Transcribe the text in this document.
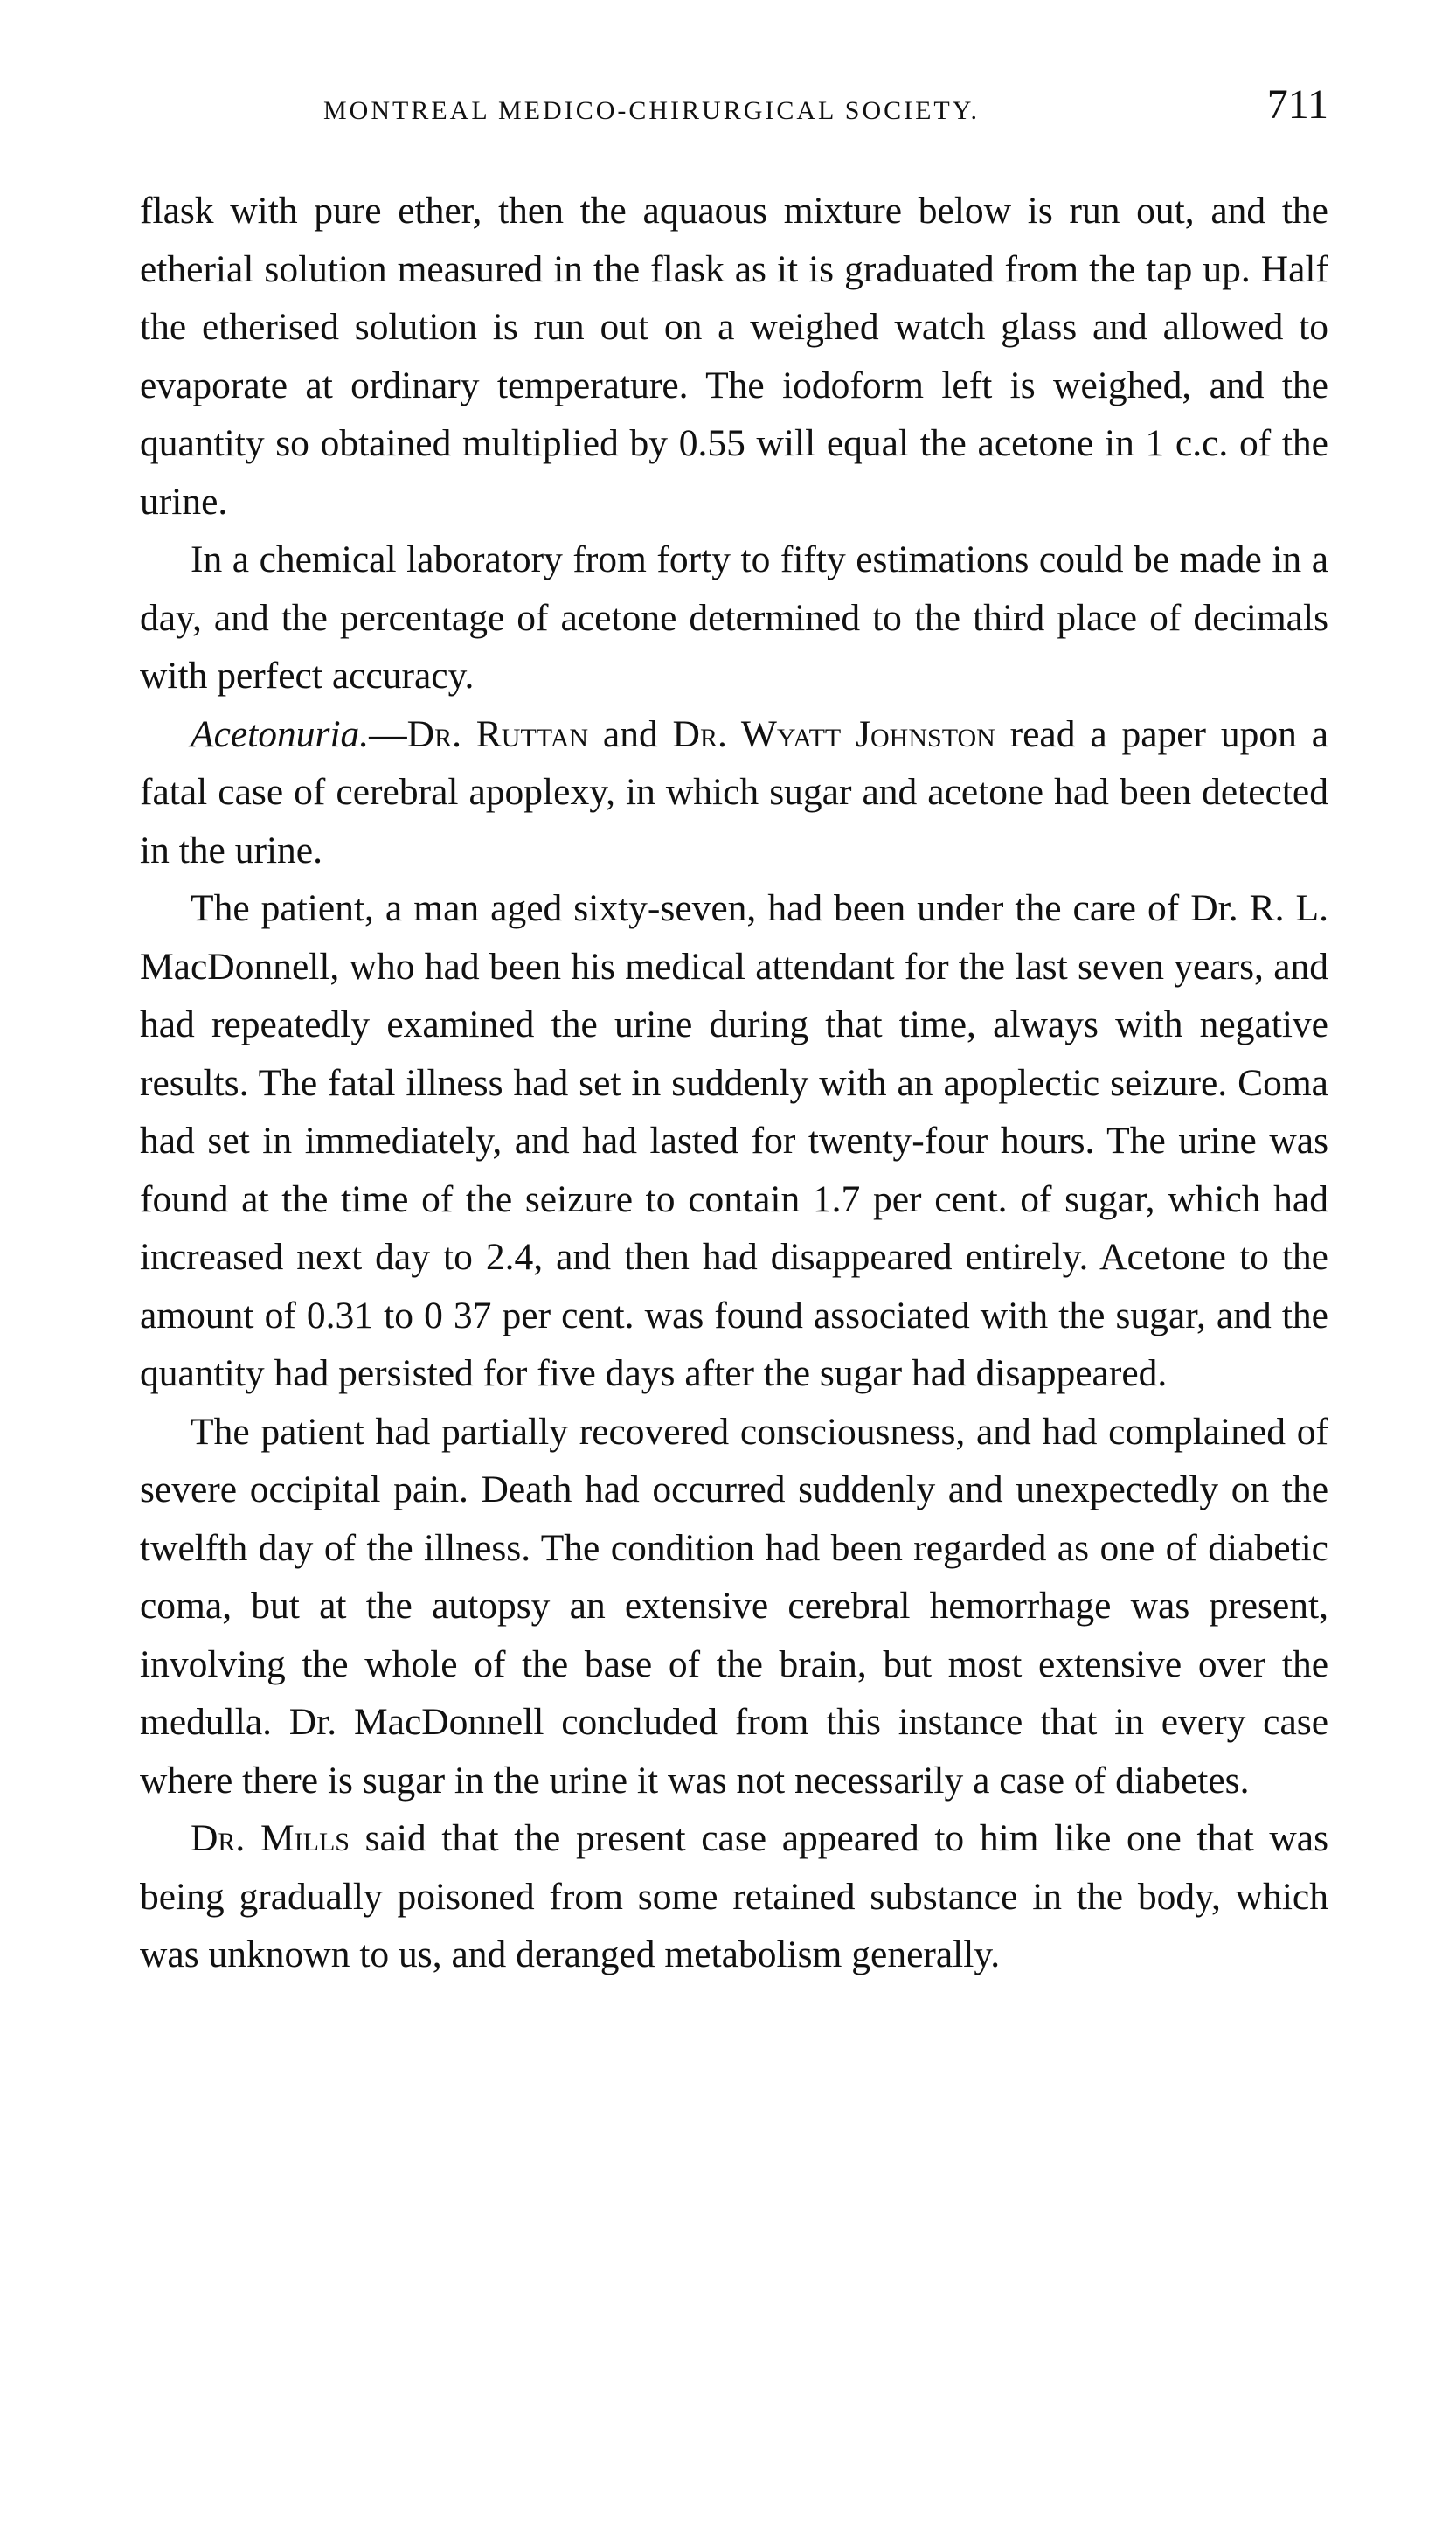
MONTREAL MEDICO-CHIRURGICAL SOCIETY.	711

flask with pure ether, then the aquaous mixture below is run out, and the etherial solution measured in the flask as it is graduated from the tap up. Half the etherised solution is run out on a weighed watch glass and allowed to evaporate at ordinary temperature. The iodoform left is weighed, and the quantity so obtained multiplied by 0.55 will equal the acetone in 1 c.c. of the urine.

In a chemical laboratory from forty to fifty estimations could be made in a day, and the percentage of acetone determined to the third place of decimals with perfect accuracy.

Acetonuria.—Dr. Ruttan and Dr. Wyatt Johnston read a paper upon a fatal case of cerebral apoplexy, in which sugar and acetone had been detected in the urine.

The patient, a man aged sixty-seven, had been under the care of Dr. R. L. MacDonnell, who had been his medical attendant for the last seven years, and had repeatedly examined the urine during that time, always with negative results. The fatal illness had set in suddenly with an apoplectic seizure. Coma had set in immediately, and had lasted for twenty-four hours. The urine was found at the time of the seizure to contain 1.7 per cent. of sugar, which had increased next day to 2.4, and then had disappeared entirely. Acetone to the amount of 0.31 to 0 37 per cent. was found associated with the sugar, and the quantity had persisted for five days after the sugar had disappeared.

The patient had partially recovered consciousness, and had complained of severe occipital pain. Death had occurred suddenly and unexpectedly on the twelfth day of the illness. The condition had been regarded as one of diabetic coma, but at the autopsy an extensive cerebral hemorrhage was present, involving the whole of the base of the brain, but most extensive over the medulla. Dr. MacDonnell concluded from this instance that in every case where there is sugar in the urine it was not necessarily a case of diabetes.

Dr. Mills said that the present case appeared to him like one that was being gradually poisoned from some retained substance in the body, which was unknown to us, and deranged metabolism generally.
